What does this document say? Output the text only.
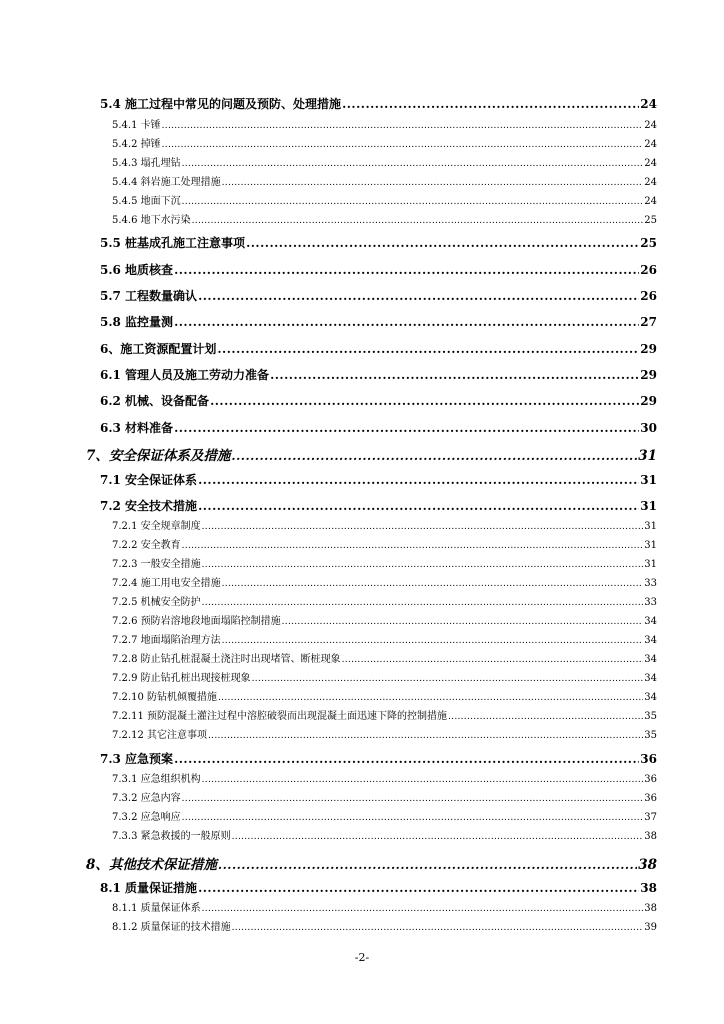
5.4 施工过程中常见的问题及预防、处理措施 .....	24
5.4.1 卡锤 .....	24
5.4.2 掉锤 .....	24
5.4.3 塌孔埋钻 .....	24
5.4.4 斜岩施工处理措施 .....	24
5.4.5 地面下沉 .....	24
5.4.6 地下水污染 .....	25
5.5 桩基成孔施工注意事项 .....	25
5.6 地质核查 .....	26
5.7 工程数量确认 .....	26
5.8 监控量测 .....	27
6、施工资源配置计划 .....	29
6.1 管理人员及施工劳动力准备 .....	29
6.2 机械、设备配备 .....	29
6.3 材料准备 .....	30
7、安全保证体系及措施 .....	31
7.1 安全保证体系 .....	31
7.2 安全技术措施 .....	31
7.2.1 安全规章制度 .....	31
7.2.2 安全教育 .....	31
7.2.3 一般安全措施 .....	31
7.2.4 施工用电安全措施 .....	33
7.2.5 机械安全防护 .....	33
7.2.6 预防岩溶地段地面塌陷控制措施 .....	34
7.2.7 地面塌陷治理方法 .....	34
7.2.8 防止钻孔桩混凝土浇注时出现堵管、断桩现象 .....	34
7.2.9 防止钻孔桩出现接桩现象 .....	34
7.2.10 防钻机倾覆措施 .....	34
7.2.11 预防混凝土灌注过程中溶腔破裂而出现混凝土面迅速下降的控制措施 .....	35
7.2.12 其它注意事项 .....	35
7.3 应急预案 .....	36
7.3.1 应急组织机构 .....	36
7.3.2 应急内容 .....	36
7.3.2 应急响应 .....	37
7.3.3 紧急救援的一般原则 .....	38
8、其他技术保证措施 .....	38
8.1 质量保证措施 .....	38
8.1.1 质量保证体系 .....	38
8.1.2 质量保证的技术措施 .....	39
-2-
